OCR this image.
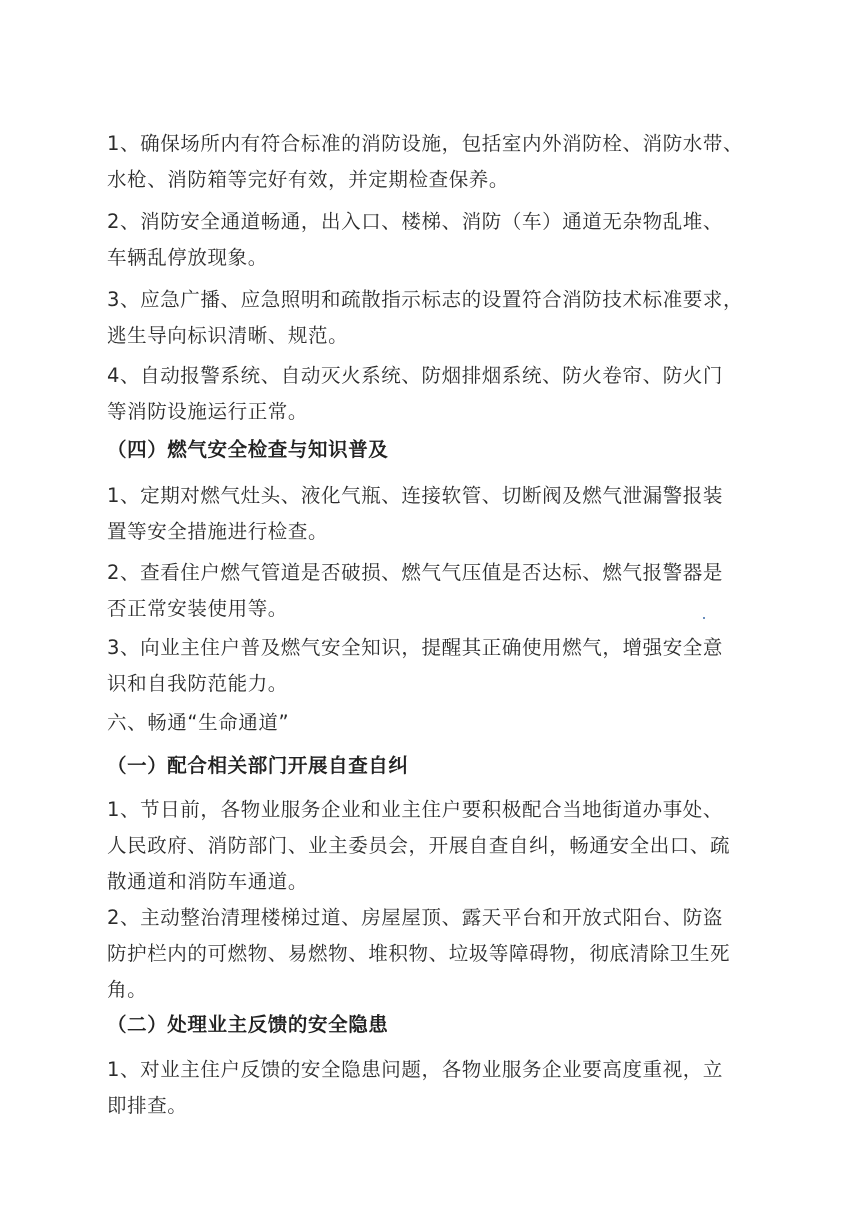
1、确保场所内有符合标准的消防设施，包括室内外消防栓、消防水带、
水枪、消防箱等完好有效，并定期检查保养。

2、消防安全通道畅通，出入口、楼梯、消防（车）通道无杂物乱堆、
车辆乱停放现象。

3、应急广播、应急照明和疏散指示标志的设置符合消防技术标准要求，
逃生导向标识清晰、规范。

4、自动报警系统、自动灭火系统、防烟排烟系统、防火卷帘、防火门
等消防设施运行正常。

（四）燃气安全检查与知识普及

1、定期对燃气灶头、液化气瓶、连接软管、切断阀及燃气泄漏警报装
置等安全措施进行检查。

2、查看住户燃气管道是否破损、燃气气压值是否达标、燃气报警器是
否正常安装使用等。

3、向业主住户普及燃气安全知识，提醒其正确使用燃气，增强安全意
识和自我防范能力。

六、畅通“生命通道”
（一）配合相关部门开展自查自纠

1、节日前，各物业服务企业和业主住户要积极配合当地街道办事处、
人民政府、消防部门、业主委员会，开展自查自纠，畅通安全出口、疏
散通道和消防车通道。

2、主动整治清理楼梯过道、房屋屋顶、露天平台和开放式阳台、防盗
防护栏内的可燃物、易燃物、堆积物、垃圾等障碍物，彻底清除卫生死
角。

（二）处理业主反馈的安全隐患

1、对业主住户反馈的安全隐患问题，各物业服务企业要高度重视，立
即排查。
